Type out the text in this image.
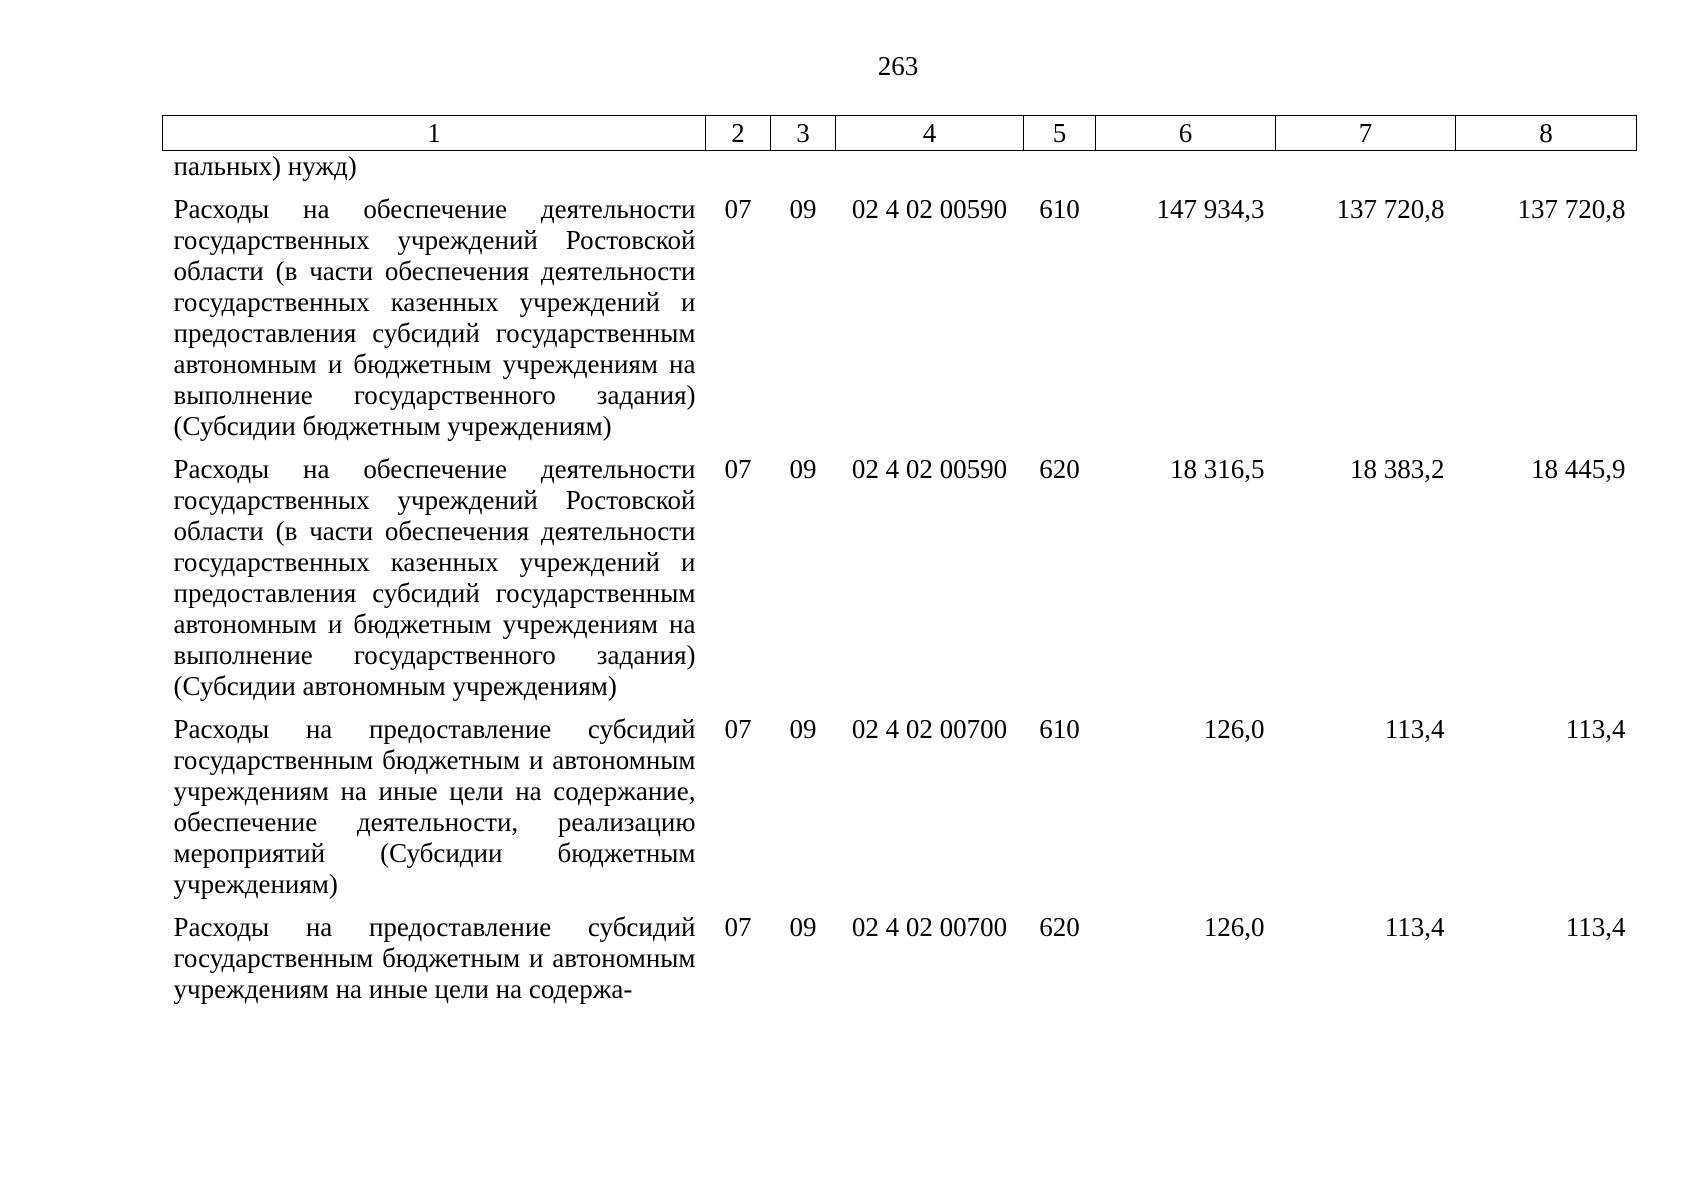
263
1	2	3	4	5	6	7	8
пальных) нужд)							
Расходы на обеспечение деятельности государственных учреждений Ростовской области (в части обеспечения деятельности государственных казенных учреждений и предоставления субсидий государственным автономным и бюджетным учреждениям на выполнение государственного задания) (Субсидии бюджетным учреждениям)	07	09	02 4 02 00590	610	147 934,3	137 720,8	137 720,8
Расходы на обеспечение деятельности государственных учреждений Ростовской области (в части обеспечения деятельности государственных казенных учреждений и предоставления субсидий государственным автономным и бюджетным учреждениям на выполнение государственного задания) (Субсидии автономным учреждениям)	07	09	02 4 02 00590	620	18 316,5	18 383,2	18 445,9
Расходы на предоставление субсидий государственным бюджетным и автономным учреждениям на иные цели на содержание, обеспечение деятельности, реализацию мероприятий (Субсидии бюджетным учреждениям)	07	09	02 4 02 00700	610	126,0	113,4	113,4
Расходы на предоставление субсидий государственным бюджетным и автономным учреждениям на иные цели на содержа-	07	09	02 4 02 00700	620	126,0	113,4	113,4
